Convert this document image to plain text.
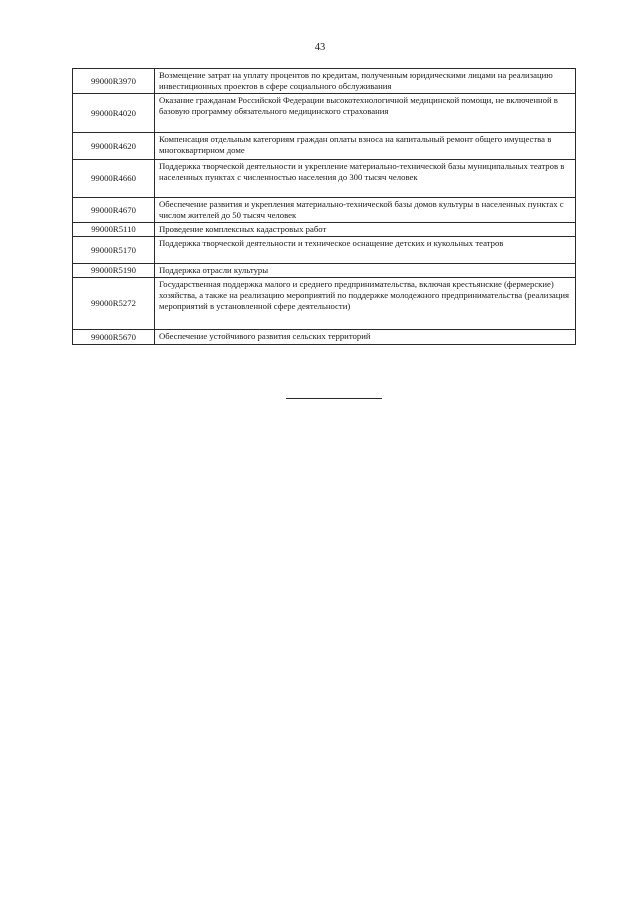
43
99000R3970	Возмещение затрат на уплату процентов по кредитам, полученным юридическими лицами на реализацию инвестиционных проектов в сфере социального обслуживания
99000R4020	Оказание гражданам Российской Федерации высокотехнологичной медицинской помощи, не включенной в базовую программу обязательного медицинского страхования
99000R4620	Компенсация отдельным категориям граждан оплаты взноса на капитальный ремонт общего имущества в многоквартирном доме
99000R4660	Поддержка творческой деятельности и укрепление материально-технической базы муниципальных театров в населенных пунктах с численностью населения до 300 тысяч человек
99000R4670	Обеспечение развития и укрепления материально-технической базы домов культуры в населенных пунктах с числом жителей до 50 тысяч человек
99000R5110	Проведение комплексных кадастровых работ
99000R5170	Поддержка творческой деятельности и техническое оснащение детских и кукольных театров
99000R5190	Поддержка отрасли культуры
99000R5272	Государственная поддержка малого и среднего предпринимательства, включая крестьянские (фермерские) хозяйства, а также на реализацию мероприятий по поддержке молодежного предпринимательства (реализация мероприятий в установленной сфере деятельности)
99000R5670	Обеспечение устойчивого развития сельских территорий
